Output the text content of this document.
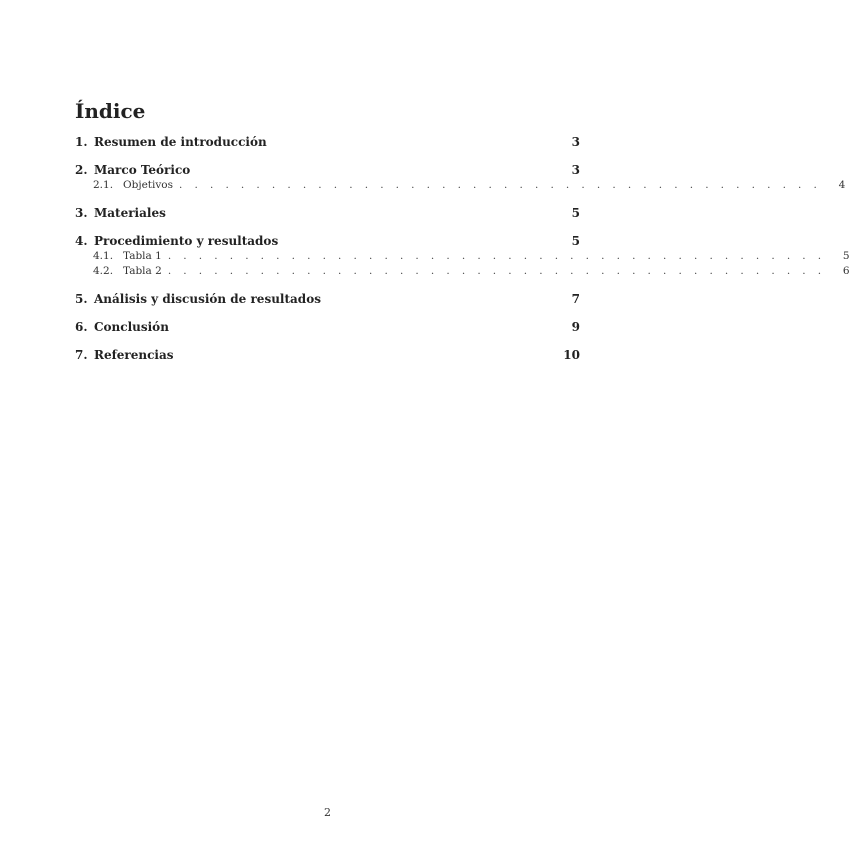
Índice
1. Resumen de introducción	3
2. Marco Teórico	3
2.1. Objetivos . . . . . . . . . . . . . . . . . . . . . . . . . . . . . . . . . . . . . . . . . .	4
3. Materiales	5
4. Procedimiento y resultados	5
4.1. Tabla 1 . . . . . . . . . . . . . . . . . . . . . . . . . . . . . . . . . . . . . . . . . . .	5
4.2. Tabla 2 . . . . . . . . . . . . . . . . . . . . . . . . . . . . . . . . . . . . . . . . . . .	6
5. Análisis y discusión de resultados	7
6. Conclusión	9
7. Referencias	10
2
